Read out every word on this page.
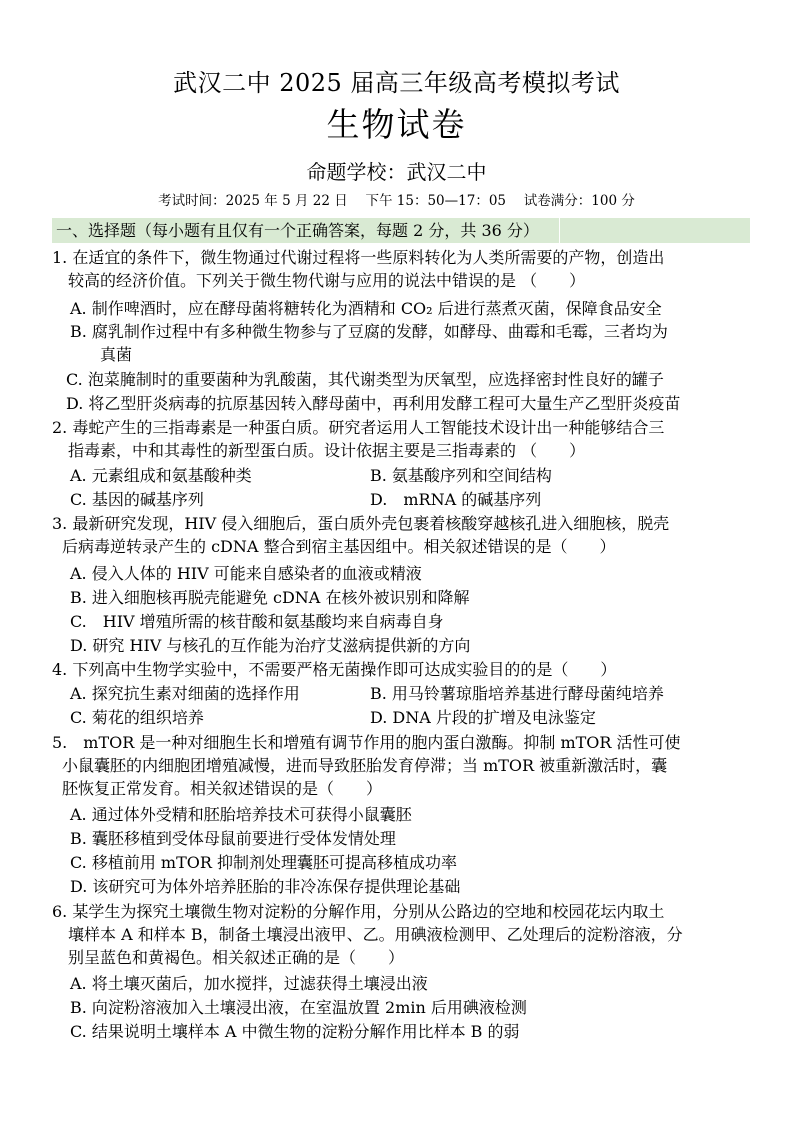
武汉二中 2025 届高三年级高考模拟考试
生物试卷
命题学校：武汉二中
考试时间：2025 年 5 月 22 日　 下午 15：50—17：05　 试卷满分：100 分
一、选择题（每小题有且仅有一个正确答案，每题 2 分，共 36 分）
1. 在适宜的条件下，微生物通过代谢过程将一些原料转化为人类所需要的产物，创造出
较高的经济价值。下列关于微生物代谢与应用的说法中错误的是 （　　）
A. 制作啤酒时，应在酵母菌将糖转化为酒精和 CO₂ 后进行蒸煮灭菌，保障食品安全
B. 腐乳制作过程中有多种微生物参与了豆腐的发酵，如酵母、曲霉和毛霉，三者均为
真菌
C. 泡菜腌制时的重要菌种为乳酸菌，其代谢类型为厌氧型，应选择密封性良好的罐子
D. 将乙型肝炎病毒的抗原基因转入酵母菌中，再利用发酵工程可大量生产乙型肝炎疫苗
2. 毒蛇产生的三指毒素是一种蛋白质。研究者运用人工智能技术设计出一种能够结合三
指毒素，中和其毒性的新型蛋白质。设计依据主要是三指毒素的 （　　）
A. 元素组成和氨基酸种类	B. 氨基酸序列和空间结构
C. 基因的碱基序列	D.　mRNA 的碱基序列
3. 最新研究发现，HIV 侵入细胞后，蛋白质外壳包裹着核酸穿越核孔进入细胞核，脱壳
后病毒逆转录产生的 cDNA 整合到宿主基因组中。相关叙述错误的是（　　）
A. 侵入人体的 HIV 可能来自感染者的血液或精液
B. 进入细胞核再脱壳能避免 cDNA 在核外被识别和降解
C.　HIV 增殖所需的核苷酸和氨基酸均来自病毒自身
D. 研究 HIV 与核孔的互作能为治疗艾滋病提供新的方向
4. 下列高中生物学实验中，不需要严格无菌操作即可达成实验目的的是（　　）
A. 探究抗生素对细菌的选择作用	B. 用马铃薯琼脂培养基进行酵母菌纯培养
C. 菊花的组织培养	D. DNA 片段的扩增及电泳鉴定
5.　mTOR 是一种对细胞生长和增殖有调节作用的胞内蛋白激酶。抑制 mTOR 活性可使
小鼠囊胚的内细胞团增殖减慢，进而导致胚胎发育停滞；当 mTOR 被重新激活时，囊
胚恢复正常发育。相关叙述错误的是（　　）
A. 通过体外受精和胚胎培养技术可获得小鼠囊胚
B. 囊胚移植到受体母鼠前要进行受体发情处理
C. 移植前用 mTOR 抑制剂处理囊胚可提高移植成功率
D. 该研究可为体外培养胚胎的非冷冻保存提供理论基础
6. 某学生为探究土壤微生物对淀粉的分解作用，分别从公路边的空地和校园花坛内取土
壤样本 A 和样本 B，制备土壤浸出液甲、乙。用碘液检测甲、乙处理后的淀粉溶液，分
别呈蓝色和黄褐色。相关叙述正确的是（　　）
A. 将土壤灭菌后，加水搅拌，过滤获得土壤浸出液
B. 向淀粉溶液加入土壤浸出液，在室温放置 2min 后用碘液检测
C. 结果说明土壤样本 A 中微生物的淀粉分解作用比样本 B 的弱
